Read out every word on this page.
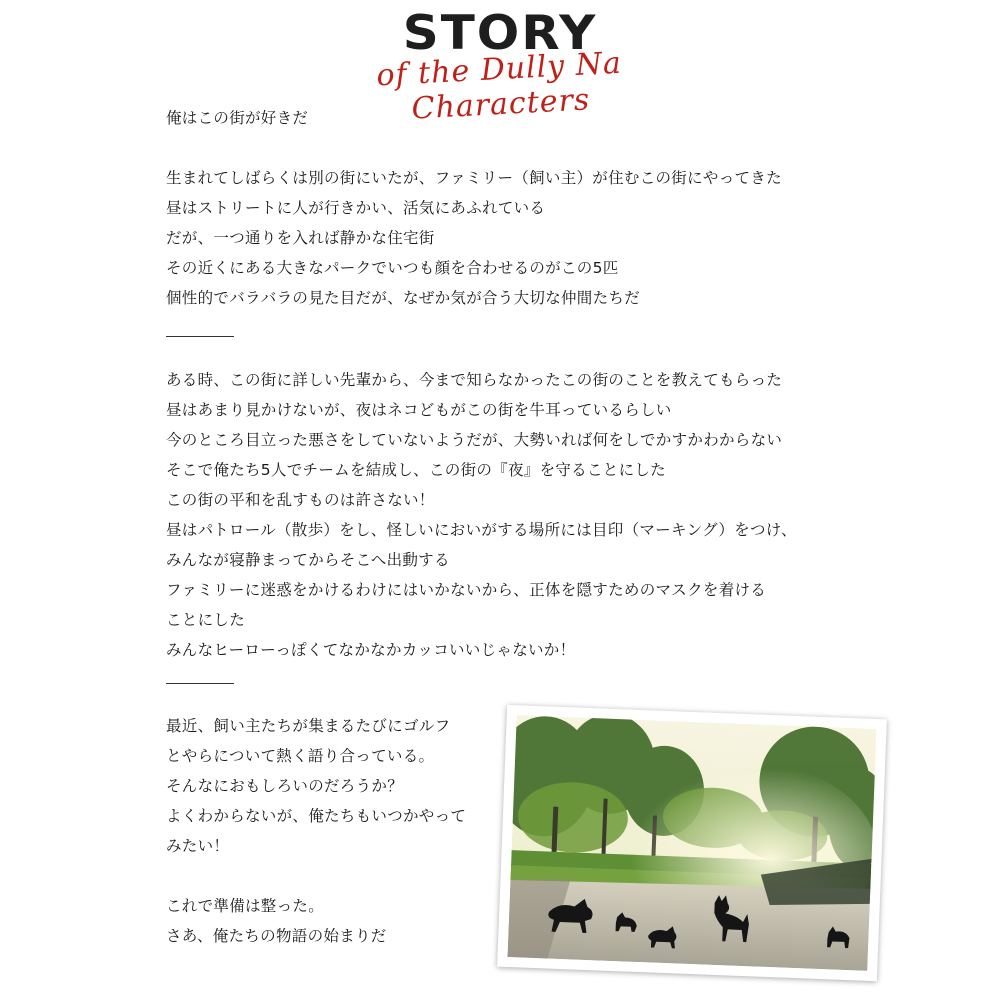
STORY
of the Dully Na Characters
俺はこの街が好きだ
生まれてしばらくは別の街にいたが、ファミリー（飼い主）が住むこの街にやってきた
昼はストリートに人が行きかい、活気にあふれている
だが、一つ通りを入れば静かな住宅街
その近くにある大きなパークでいつも顔を合わせるのがこの5匹
個性的でバラバラの見た目だが、なぜか気が合う大切な仲間たちだ
ある時、この街に詳しい先輩から、今まで知らなかったこの街のことを教えてもらった
昼はあまり見かけないが、夜はネコどもがこの街を牛耳っているらしい
今のところ目立った悪さをしていないようだが、大勢いれば何をしでかすかわからない
そこで俺たち5人でチームを結成し、この街の『夜』を守ることにした
この街の平和を乱すものは許さない！
昼はパトロール（散歩）をし、怪しいにおいがする場所には目印（マーキング）をつけ、
みんなが寝静まってからそこへ出動する
ファミリーに迷惑をかけるわけにはいかないから、正体を隠すためのマスクを着ける
ことにした
みんなヒーローっぽくてなかなかカッコいいじゃないか！
最近、飼い主たちが集まるたびにゴルフ
とやらについて熱く語り合っている。
そんなにおもしろいのだろうか？
よくわからないが、俺たちもいつかやって
みたい！
これで準備は整った。
さあ、俺たちの物語の始まりだ
